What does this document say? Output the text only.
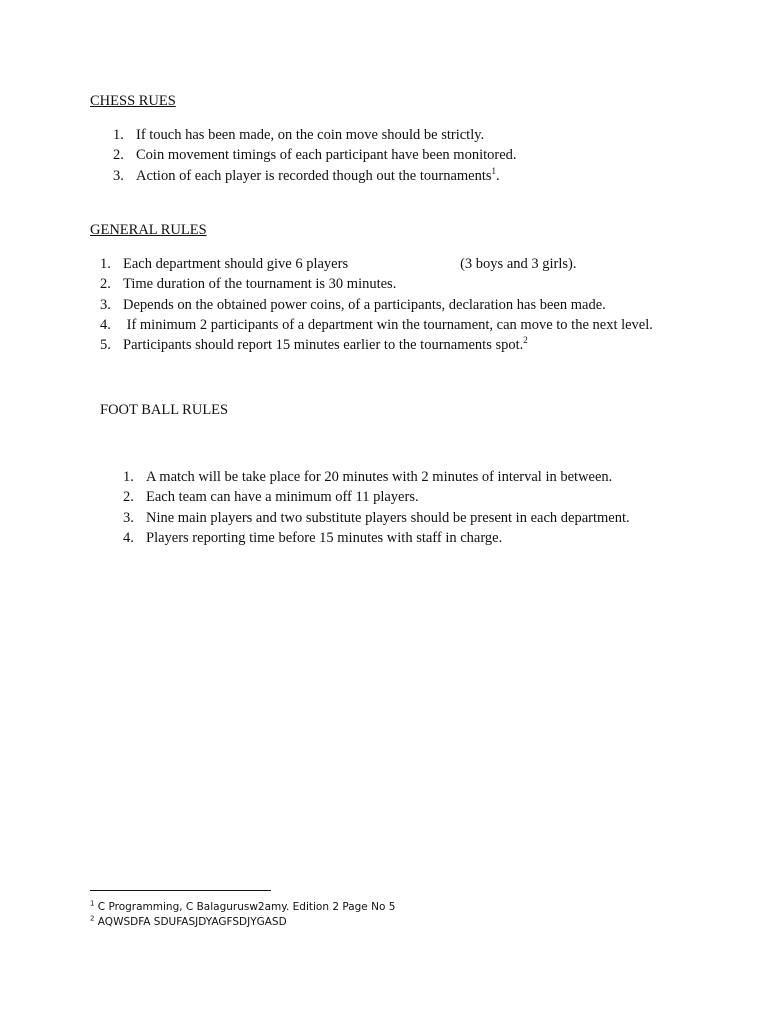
CHESS RUES
1. If touch has been made, on the coin move should be strictly.
2. Coin movement timings of each participant have been monitored.
3. Action of each player is recorded though out the tournaments$^1$.
GENERAL RULES
1. Each department should give 6 players	(3 boys and 3 girls).
2. Time duration of the tournament is 30 minutes.
3. Depends on the obtained power coins, of a participants, declaration has been made.
4. If minimum 2 participants of a department win the tournament, can move to the next level.
5. Participants should report 15 minutes earlier to the tournaments spot.$^2$
FOOT BALL RULES
1. A match will be take place for 20 minutes with 2 minutes of interval in between.
2. Each team can have a minimum off 11 players.
3. Nine main players and two substitute players should be present in each department.
4. Players reporting time before 15 minutes with staff in charge.
$^1$ C Programming, C Balagurusw2amy. Edition 2 Page No 5
$^2$ AQWSDFA SDUFASJDYAGFSDJYGASD
